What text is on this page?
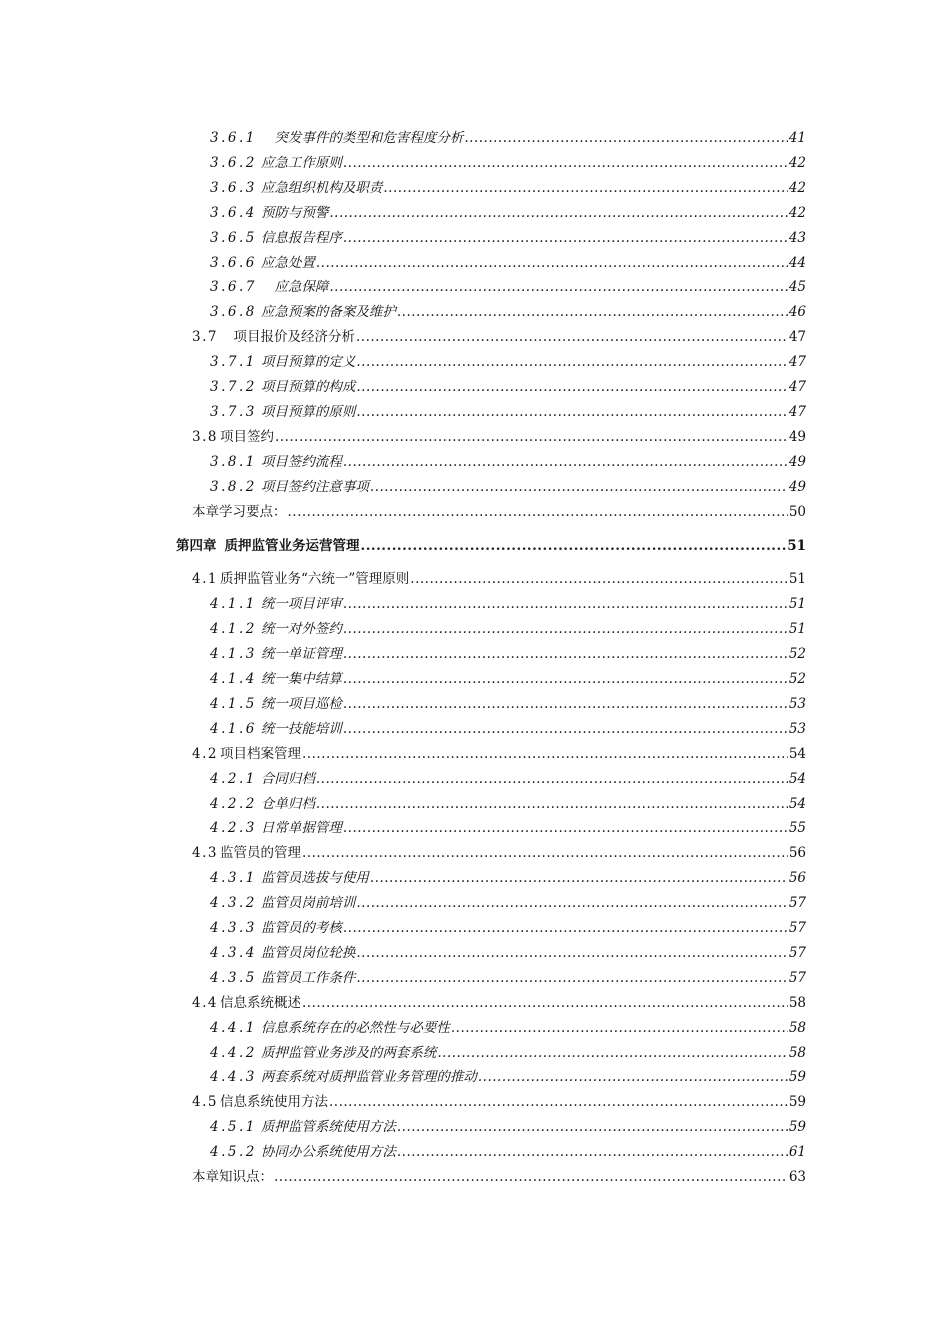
3.6.1 　突发事件的类型和危害程度分析 .....	41
3.6.2 应急工作原则 .....	42
3.6.3 应急组织机构及职责 .....	42
3.6.4 预防与预警 .....	42
3.6.5 信息报告程序 .....	43
3.6.6 应急处置 .....	44
3.6.7 　应急保障 .....	45
3.6.8 应急预案的备案及维护 .....	46
3.7 　项目报价及经济分析 .....	47
3.7.1 项目预算的定义 .....	47
3.7.2 项目预算的构成 .....	47
3.7.3 项目预算的原则 .....	47
3.8 项目签约 .....	49
3.8.1 项目签约流程 .....	49
3.8.2 项目签约注意事项 .....	49
本章学习要点： .....	50
第四章 质押监管业务运营管理 .....	51
4.1 质押监管业务“六统一”管理原则 .....	51
4.1.1 统一项目评审 .....	51
4.1.2 统一对外签约 .....	51
4.1.3 统一单证管理 .....	52
4.1.4 统一集中结算 .....	52
4.1.5 统一项目巡检 .....	53
4.1.6 统一技能培训 .....	53
4.2 项目档案管理 .....	54
4.2.1 合同归档 .....	54
4.2.2 仓单归档 .....	54
4.2.3 日常单据管理 .....	55
4.3 监管员的管理 .....	56
4.3.1 监管员选拔与使用 .....	56
4.3.2 监管员岗前培训 .....	57
4.3.3 监管员的考核 .....	57
4.3.4 监管员岗位轮换 .....	57
4.3.5 监管员工作条件 .....	57
4.4 信息系统概述 .....	58
4.4.1 信息系统存在的必然性与必要性 .....	58
4.4.2 质押监管业务涉及的两套系统 .....	58
4.4.3 两套系统对质押监管业务管理的推动 .....	59
4.5 信息系统使用方法 .....	59
4.5.1 质押监管系统使用方法 .....	59
4.5.2 协同办公系统使用方法 .....	61
本章知识点： .....	63
